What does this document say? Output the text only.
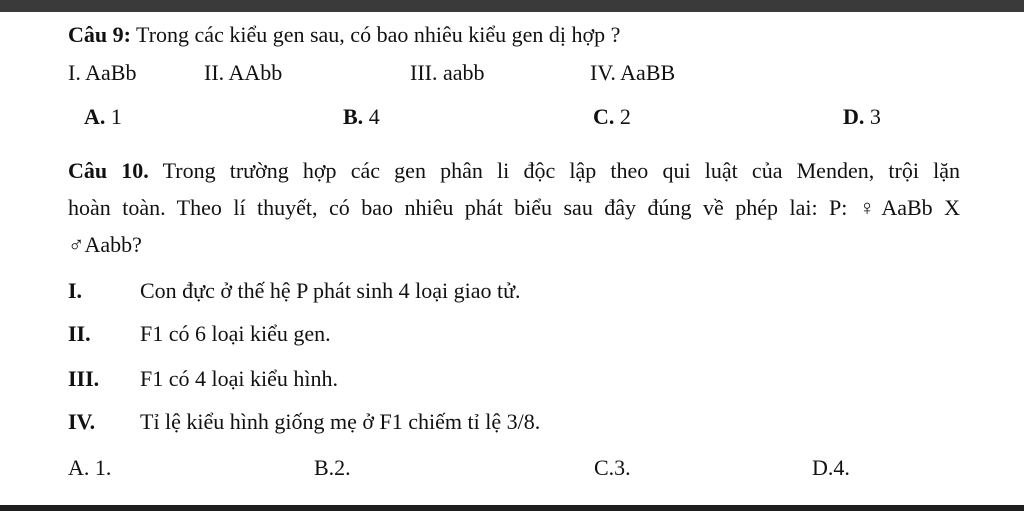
Câu 9: Trong các kiểu gen sau, có bao nhiêu kiểu gen dị hợp ?
I. AaBb	II. AAbb	III. aabb	IV. AaBB
A. 1	B. 4	C. 2	D. 3
Câu 10. Trong trường hợp các gen phân li độc lập theo qui luật của Menden, trội lặn
hoàn toàn. Theo lí thuyết, có bao nhiêu phát biểu sau đây đúng về phép lai: P: ♀AaBb X
♂Aabb?
I.	Con đực ở thế hệ P phát sinh 4 loại giao tử.
II. F1 có 6 loại kiểu gen.
III. F1 có 4 loại kiểu hình.
IV. Tỉ lệ kiểu hình giống mẹ ở F1 chiếm tỉ lệ 3/8.
A. 1.	B.2.	C.3.	D.4.
